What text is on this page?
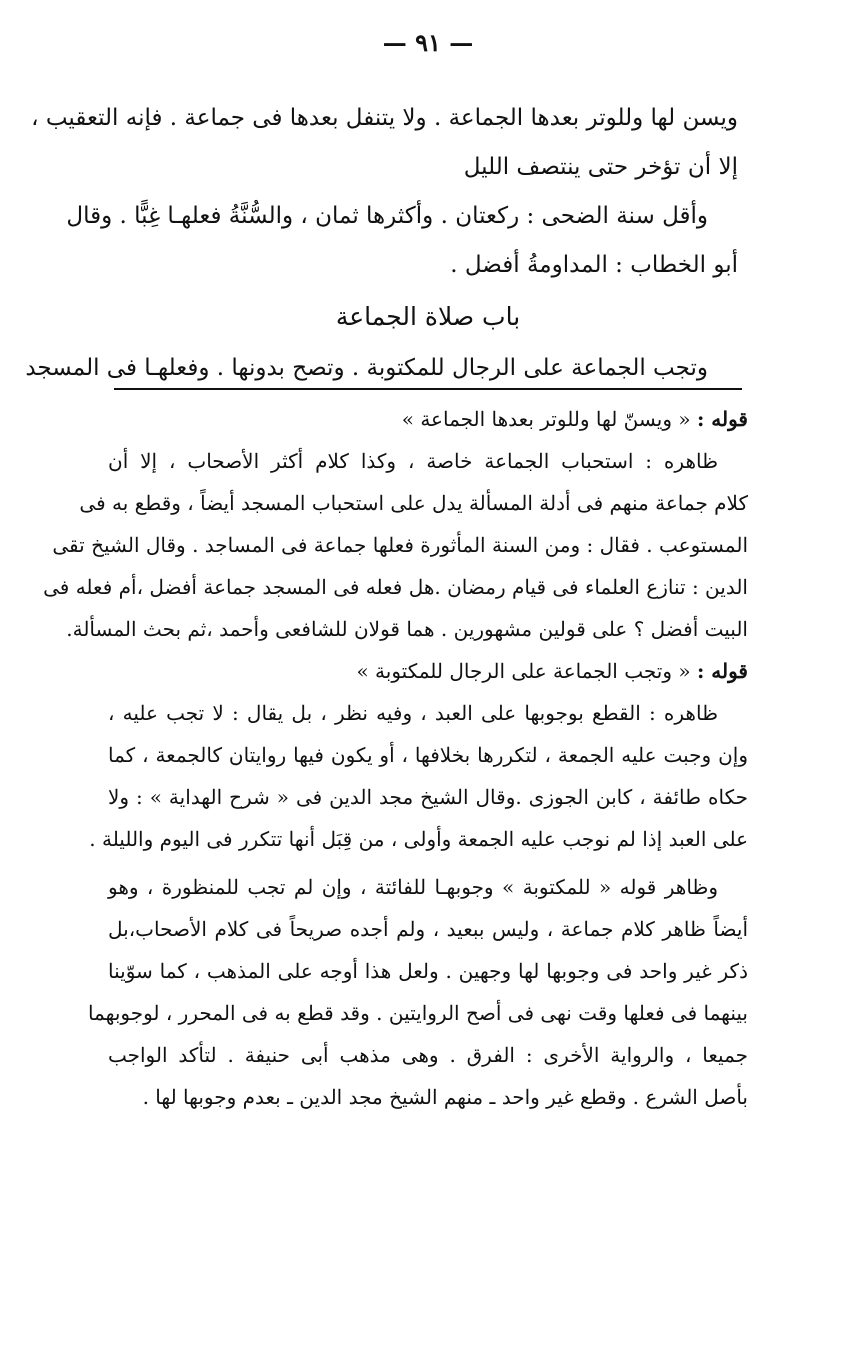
— ٩١ —
ويسن لها وللوتر بعدها الجماعة . ولا يتنفل بعدها فى جماعة . فإنه التعقيب ،
إلا أن تؤخر حتى ينتصف الليل
وأقل سنة الضحى : ركعتان . وأكثرها ثمان ، والسُّنَّةُ فعلهـا غِبًّا . وقال
أبو الخطاب : المداومةُ أفضل .
باب صلاة الجماعة
وتجب الجماعة على الرجال للمكتوبة . وتصح بدونها . وفعلهـا فى المسجد
قوله : « ويسنّ لها وللوتر بعدها الجماعة »
ظاهره : استحباب الجماعة خاصة ، وكذا كلام أكثر الأصحاب ، إلا أن
كلام جماعة منهم فى أدلة المسألة يدل على استحباب المسجد أيضاً ، وقطع به فى
المستوعب . فقال : ومن السنة المأثورة فعلها جماعة فى المساجد . وقال الشيخ تقى
الدين : تنازع العلماء فى قيام رمضان .هل فعله فى المسجد جماعة أفضل ،أم فعله فى
البيت أفضل ؟ على قولين مشهورين . هما قولان للشافعى وأحمد ،ثم بحث المسألة.
قوله : « وتجب الجماعة على الرجال للمكتوبة »
ظاهره : القطع بوجوبها على العبد ، وفيه نظر ، بل يقال : لا تجب عليه ،
وإن وجبت عليه الجمعة ، لتكررها بخلافها ، أو يكون فيها روايتان كالجمعة ، كما
حكاه طائفة ، كابن الجوزى .وقال الشيخ مجد الدين فى « شرح الهداية » : ولا
على العبد إذا لم نوجب عليه الجمعة وأولى ، من قِبَل أنها تتكرر فى اليوم والليلة .
وظاهر قوله « للمكتوبة » وجوبهـا للفائتة ، وإن لم تجب للمنظورة ، وهو
أيضاً ظاهر كلام جماعة ، وليس ببعيد ، ولم أجده صريحاً فى كلام الأصحاب،بل
ذكر غير واحد فى وجوبها لها وجهين . ولعل هذا أوجه على المذهب ، كما سوّينا
بينهما فى فعلها وقت نهى فى أصح الروايتين . وقد قطع به فى المحرر ، لوجوبهما
جميعا ، والرواية الأخرى : الفرق . وهى مذهب أبى حنيفة . لتأكد الواجب
بأصل الشرع . وقطع غير واحد ـ منهم الشيخ مجد الدين ـ بعدم وجوبها لها .
